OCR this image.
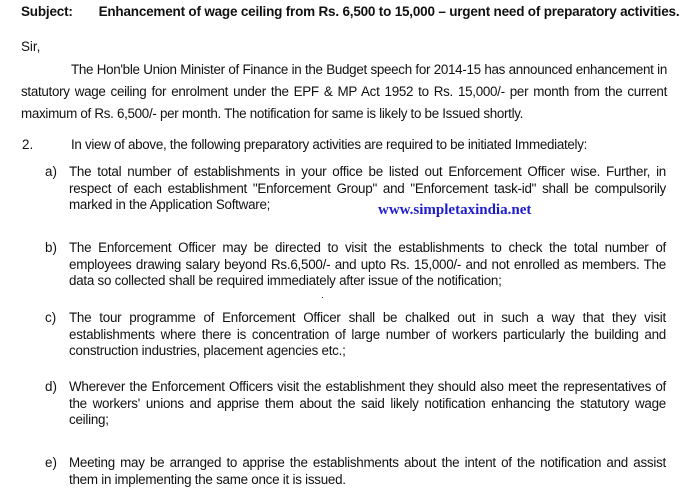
Subject: Enhancement of wage ceiling from Rs. 6,500 to 15,000 – urgent need of preparatory activities.
Sir,
The Hon'ble Union Minister of Finance in the Budget speech for 2014-15 has announced enhancement in statutory wage ceiling for enrolment under the EPF & MP Act 1952 to Rs. 15,000/- per month from the current maximum of Rs. 6,500/- per month. The notification for same is likely to be Issued shortly.
2.	In view of above, the following preparatory activities are required to be initiated Immediately:
a) The total number of establishments in your office be listed out Enforcement Officer wise. Further, in respect of each establishment "Enforcement Group" and "Enforcement task-id" shall be compulsorily marked in the Application Software;	www.simpletaxindia.net
b) The Enforcement Officer may be directed to visit the establishments to check the total number of employees drawing salary beyond Rs.6,500/- and upto Rs. 15,000/- and not enrolled as members. The data so collected shall be required immediately after issue of the notification;
c) The tour programme of Enforcement Officer shall be chalked out in such a way that they visit establishments where there is concentration of large number of workers particularly the building and construction industries, placement agencies etc.;
d) Wherever the Enforcement Officers visit the establishment they should also meet the representatives of the workers' unions and apprise them about the said likely notification enhancing the statutory wage ceiling;
e) Meeting may be arranged to apprise the establishments about the intent of the notification and assist them in implementing the same once it is issued.
